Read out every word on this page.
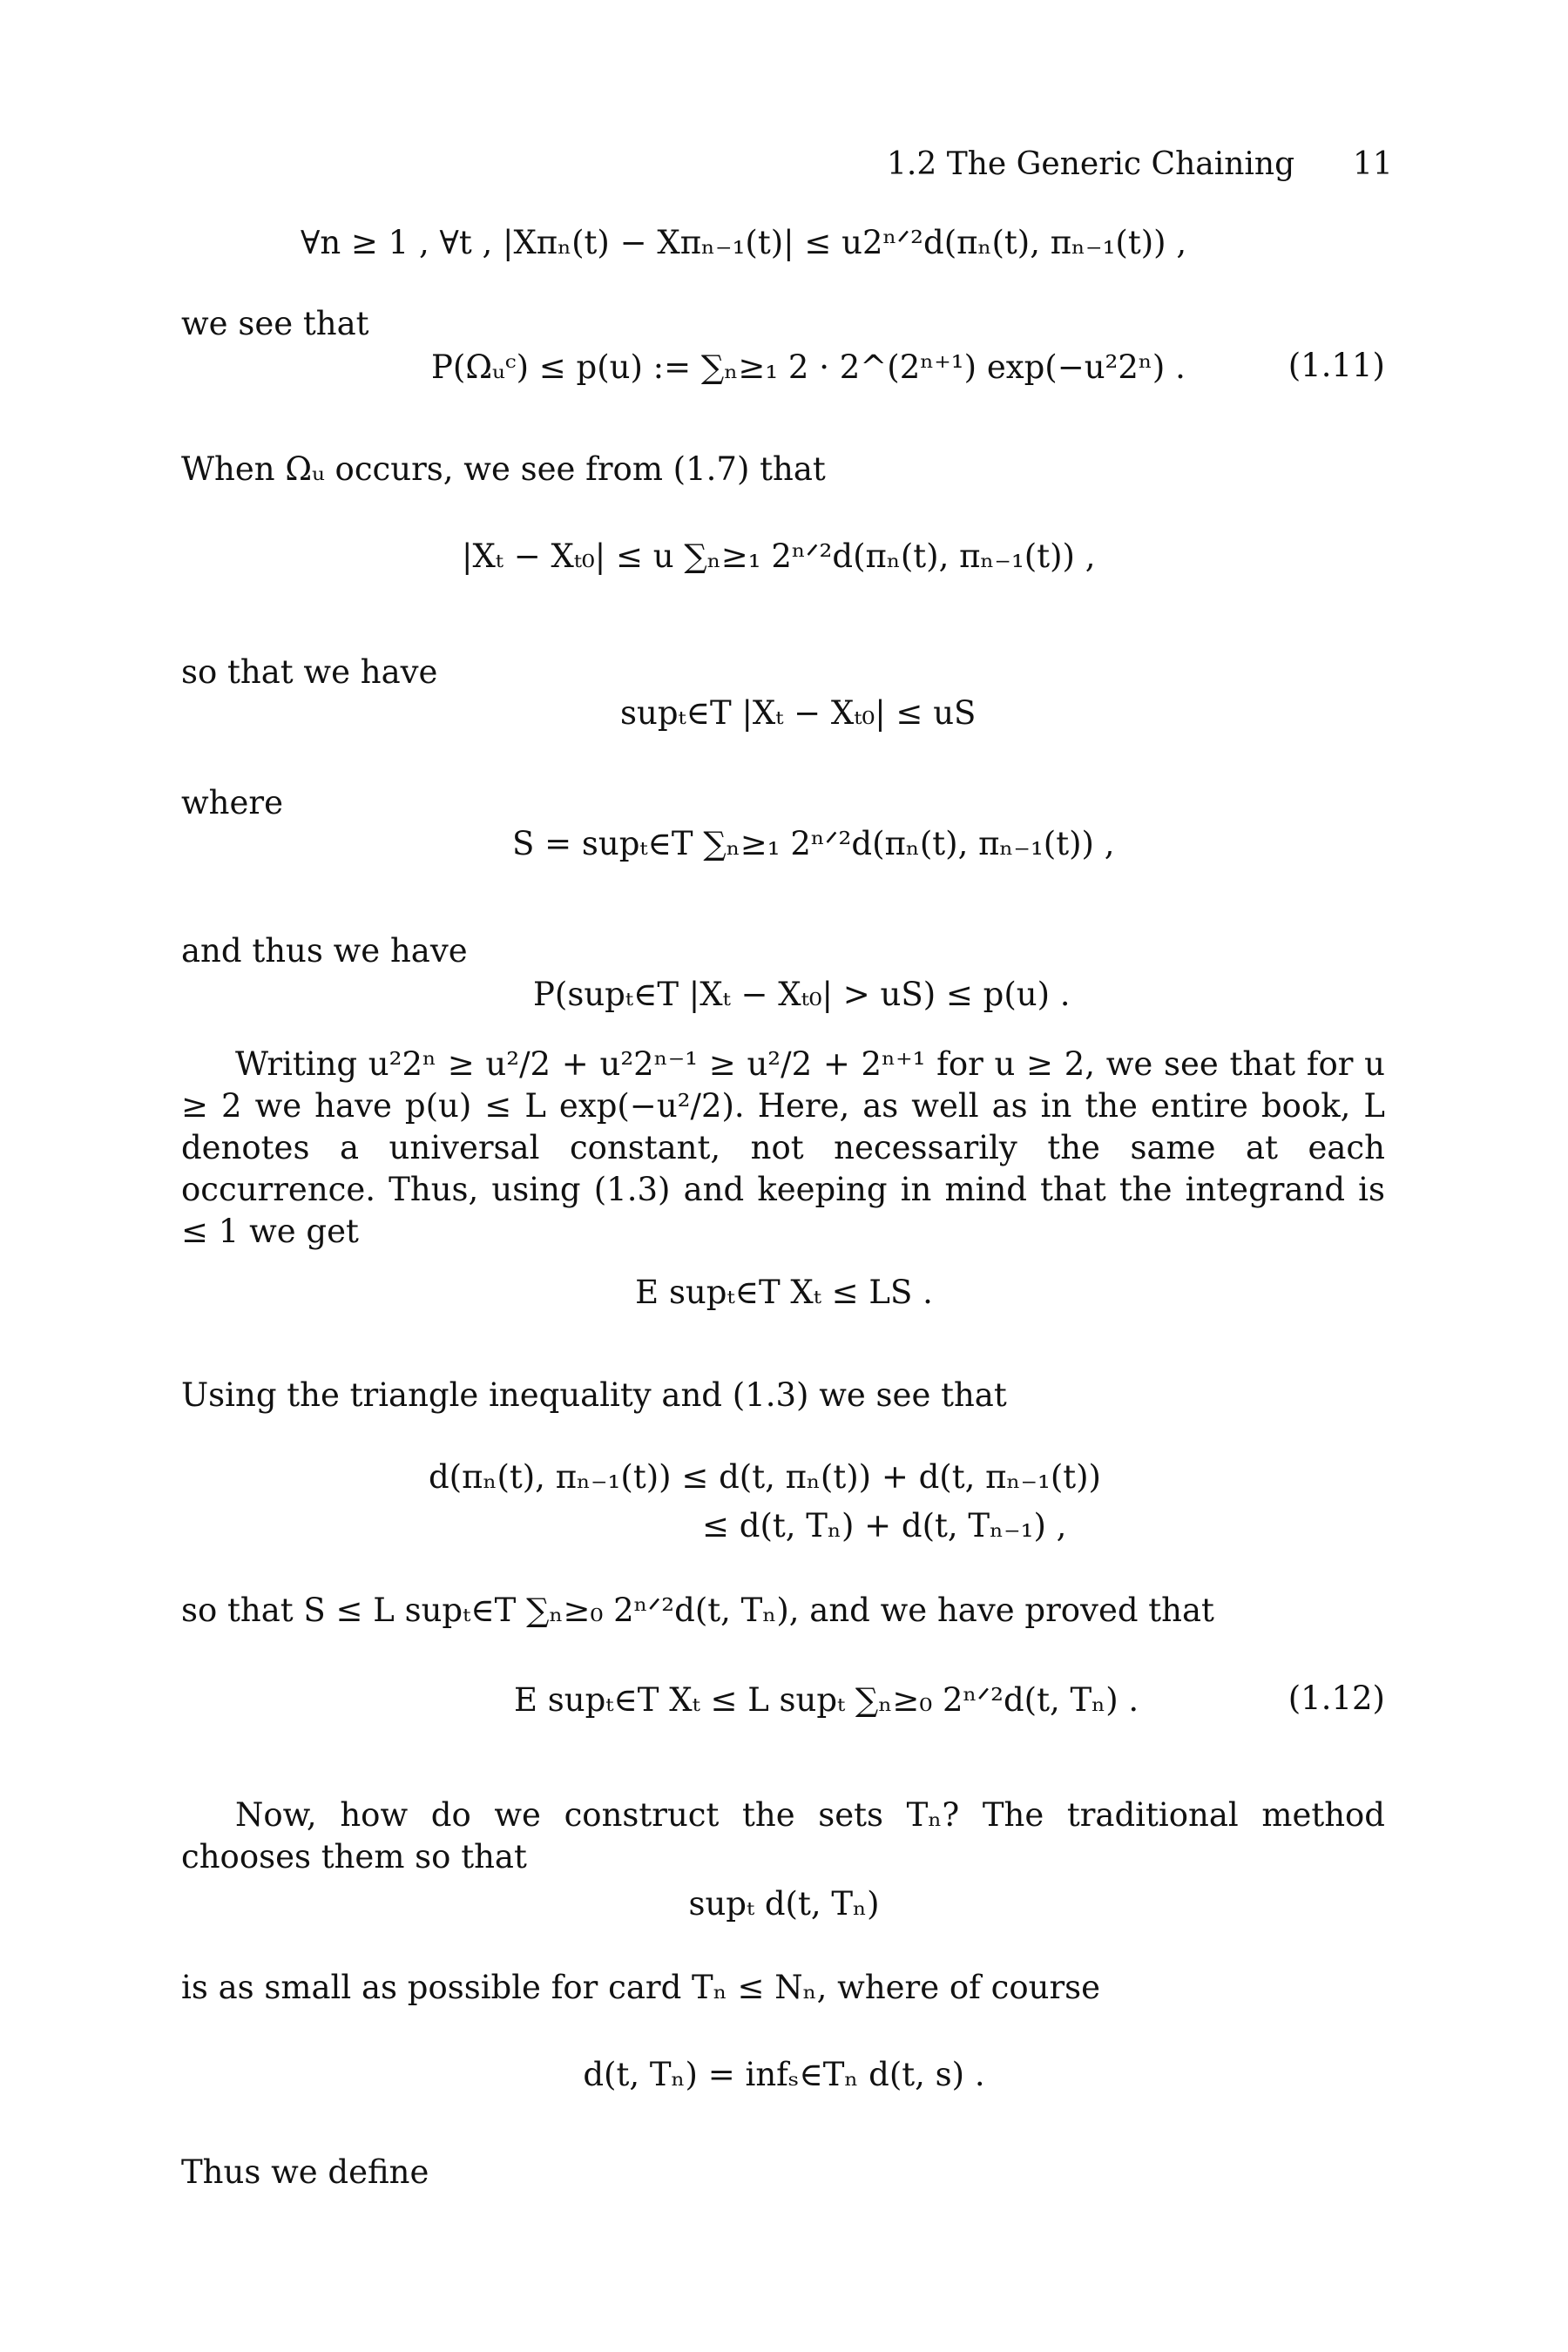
1.2 The Generic Chaining 11
∀n ≥ 1 , ∀t , |Xπₙ(t) − Xπₙ₋₁(t)| ≤ u2ⁿᐟ²d(πₙ(t), πₙ₋₁(t)) ,
we see that
P(Ωᵤᶜ) ≤ p(u) := ∑ₙ≥₁ 2 · 2^(2ⁿ⁺¹) exp(−u²2ⁿ) .	(1.11)
When Ωᵤ occurs, we see from (1.7) that
|Xₜ − Xₜ₀| ≤ u ∑ₙ≥₁ 2ⁿᐟ²d(πₙ(t), πₙ₋₁(t)) ,
so that we have
supₜ∈T |Xₜ − Xₜ₀| ≤ uS
where
S = supₜ∈T ∑ₙ≥₁ 2ⁿᐟ²d(πₙ(t), πₙ₋₁(t)) ,
and thus we have
P(supₜ∈T |Xₜ − Xₜ₀| > uS) ≤ p(u) .

Writing u²2ⁿ ≥ u²/2 + u²2ⁿ⁻¹ ≥ u²/2 + 2ⁿ⁺¹ for u ≥ 2, we see that for u ≥ 2 we have p(u) ≤ L exp(−u²/2). Here, as well as in the entire book, L denotes a universal constant, not necessarily the same at each occurrence. Thus, using (1.3) and keeping in mind that the integrand is ≤ 1 we get

E supₜ∈T Xₜ ≤ LS .
Using the triangle inequality and (1.3) we see that
d(πₙ(t), πₙ₋₁(t)) ≤ d(t, πₙ(t)) + d(t, πₙ₋₁(t))
≤ d(t, Tₙ) + d(t, Tₙ₋₁) ,
so that S ≤ L supₜ∈T ∑ₙ≥₀ 2ⁿᐟ²d(t, Tₙ), and we have proved that
E supₜ∈T Xₜ ≤ L supₜ ∑ₙ≥₀ 2ⁿᐟ²d(t, Tₙ) .	(1.12)

Now, how do we construct the sets Tₙ? The traditional method chooses them so that

supₜ d(t, Tₙ)
is as small as possible for card Tₙ ≤ Nₙ, where of course
d(t, Tₙ) = infₛ∈Tₙ d(t, s) .
Thus we define
